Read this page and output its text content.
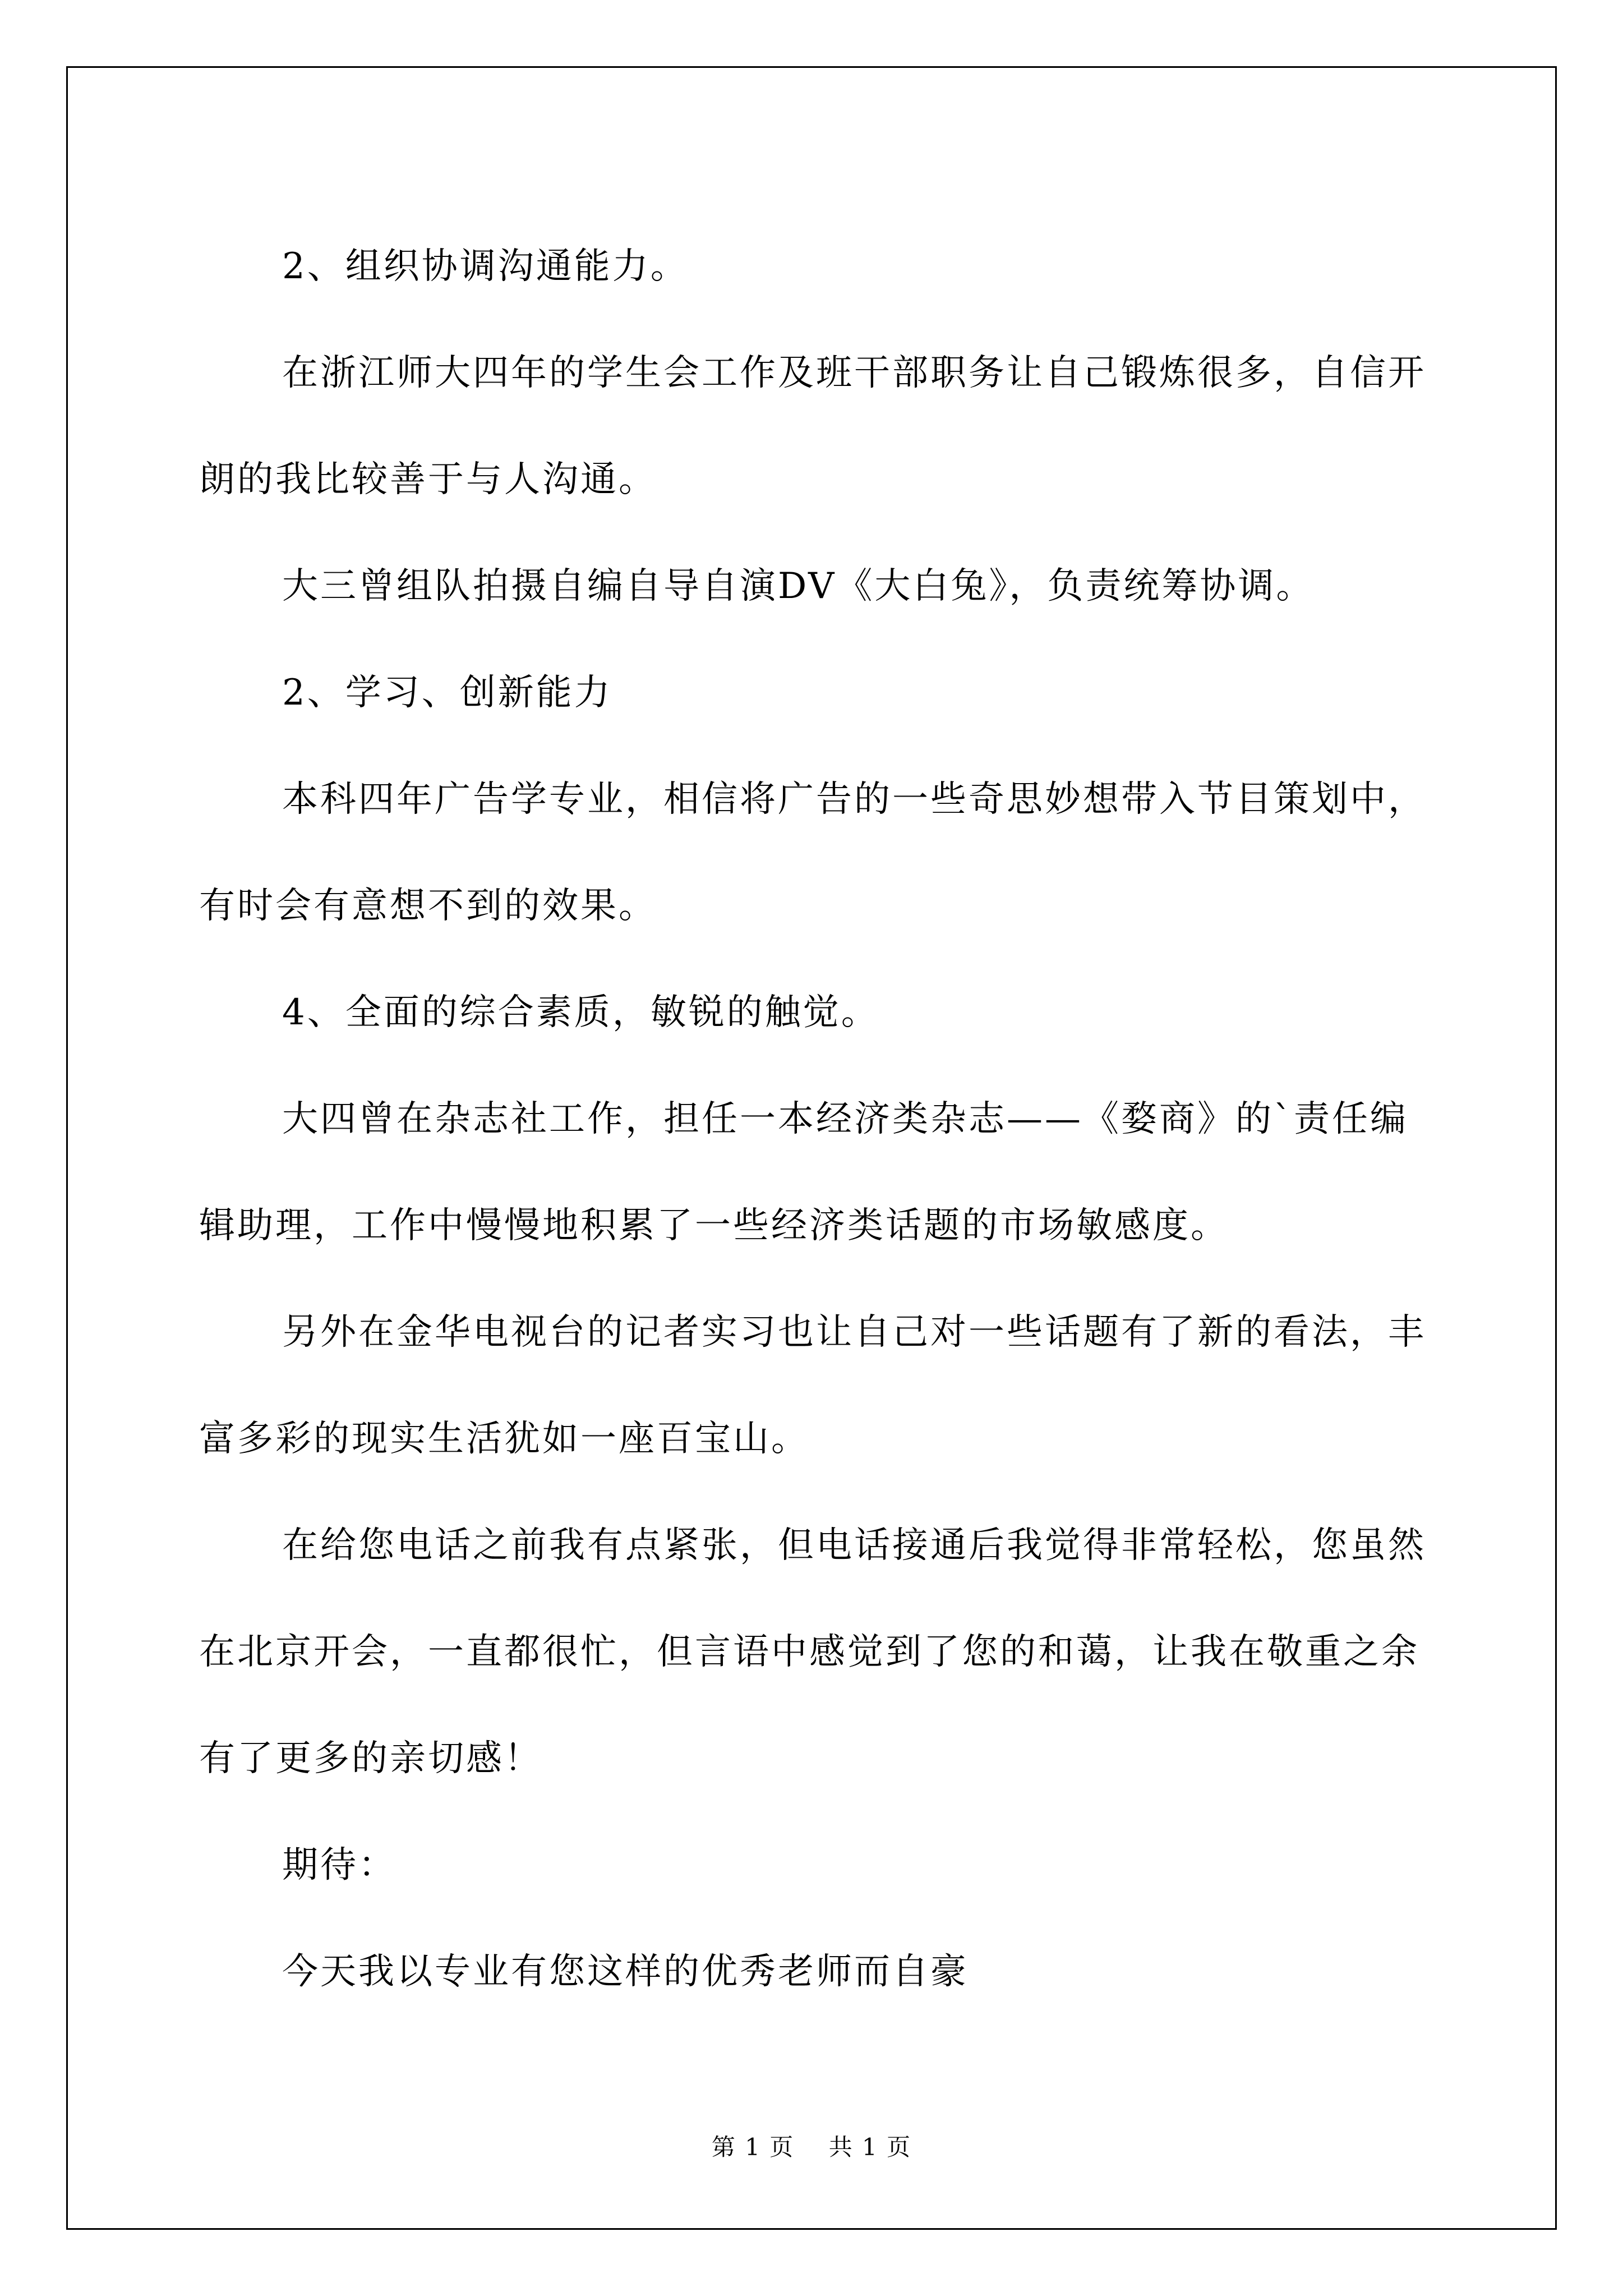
2、组织协调沟通能力。

在浙江师大四年的学生会工作及班干部职务让自己锻炼很多，自信开朗的我比较善于与人沟通。

大三曾组队拍摄自编自导自演DV《大白兔》，负责统筹协调。

2、学习、创新能力

本科四年广告学专业，相信将广告的一些奇思妙想带入节目策划中，有时会有意想不到的效果。

4、全面的综合素质，敏锐的触觉。

大四曾在杂志社工作，担任一本经济类杂志——《婺商》的`责任编辑助理，工作中慢慢地积累了一些经济类话题的市场敏感度。

另外在金华电视台的记者实习也让自己对一些话题有了新的看法，丰富多彩的现实生活犹如一座百宝山。

在给您电话之前我有点紧张，但电话接通后我觉得非常轻松，您虽然在北京开会，一直都很忙，但言语中感觉到了您的和蔼，让我在敬重之余有了更多的亲切感！

期待：

今天我以专业有您这样的优秀老师而自豪

第 1 页 共 1 页
